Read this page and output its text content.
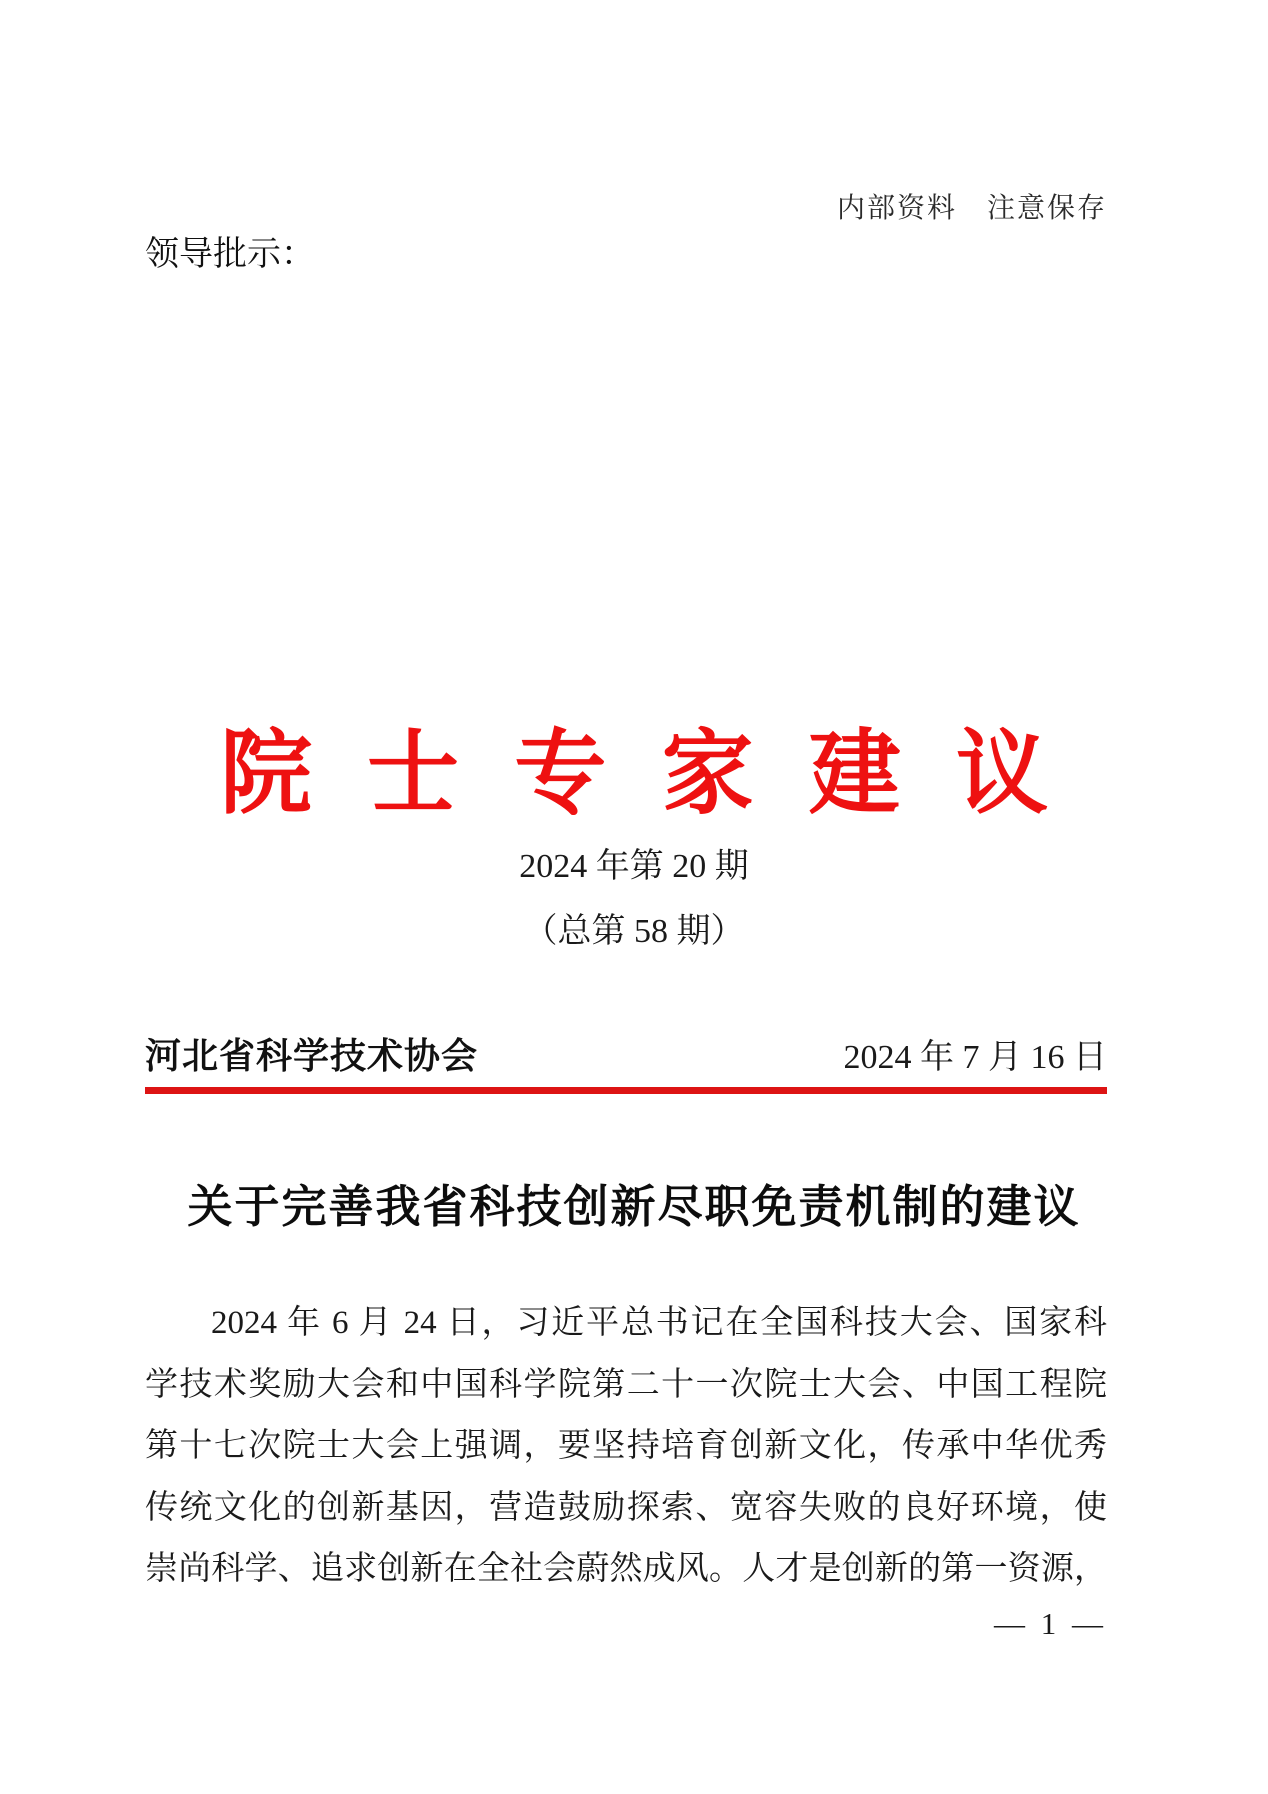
内部资料　注意保存
领导批示：
院士专家建议
2024 年第 20 期
（总第 58 期）
河北省科学技术协会	2024 年 7 月 16 日
关于完善我省科技创新尽职免责机制的建议
2024 年 6 月 24 日，习近平总书记在全国科技大会、国家科
学技术奖励大会和中国科学院第二十一次院士大会、中国工程院
第十七次院士大会上强调，要坚持培育创新文化，传承中华优秀
传统文化的创新基因，营造鼓励探索、宽容失败的良好环境，使
崇尚科学、追求创新在全社会蔚然成风。人才是创新的第一资源，
— 1 —
